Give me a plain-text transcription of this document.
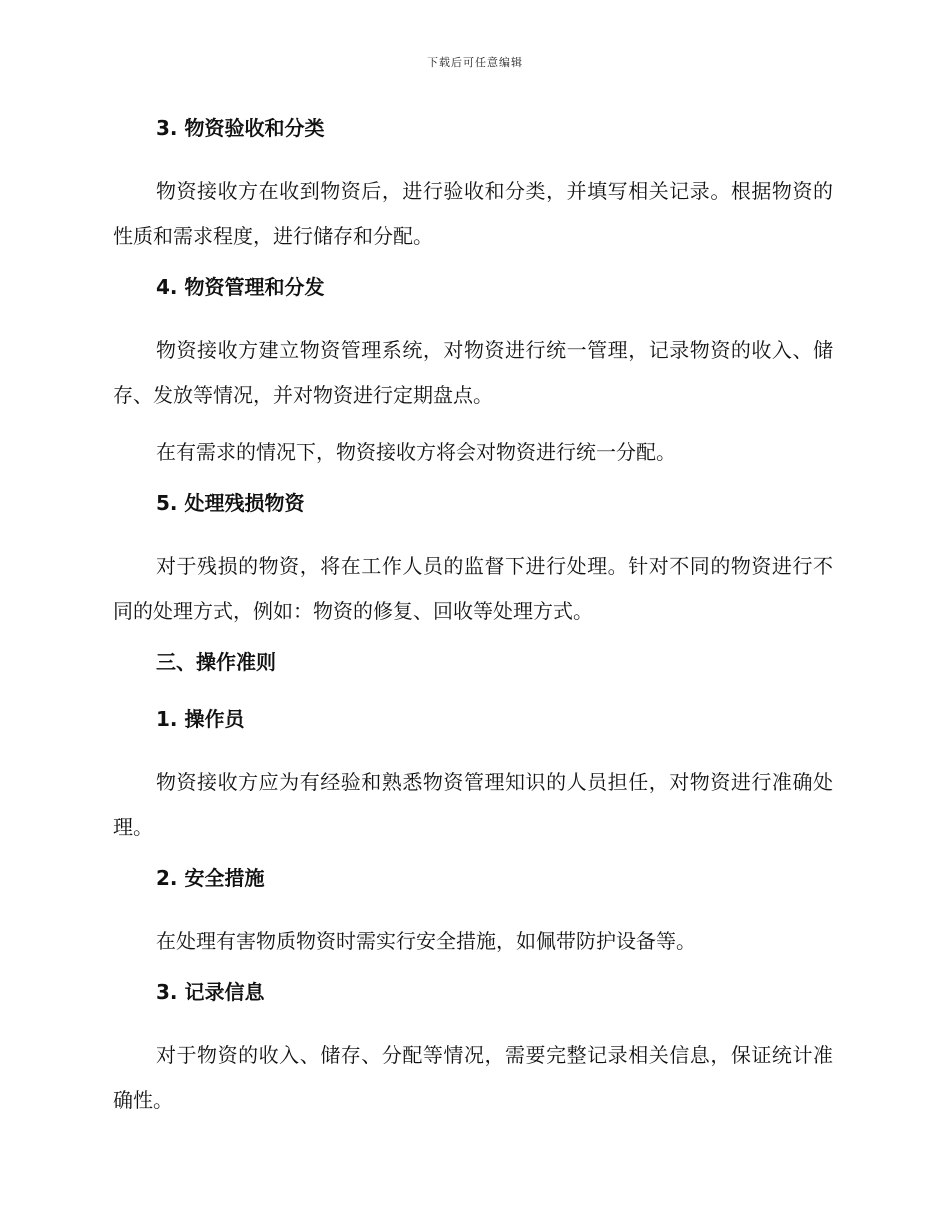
下载后可任意编辑
3. 物资验收和分类

物资接收方在收到物资后，进行验收和分类，并填写相关记录。根据物资的性质和需求程度，进行储存和分配。

4. 物资管理和分发

物资接收方建立物资管理系统，对物资进行统一管理，记录物资的收入、储存、发放等情况，并对物资进行定期盘点。

在有需求的情况下，物资接收方将会对物资进行统一分配。

5. 处理残损物资

对于残损的物资，将在工作人员的监督下进行处理。针对不同的物资进行不同的处理方式，例如：物资的修复、回收等处理方式。

三、操作准则
1. 操作员

物资接收方应为有经验和熟悉物资管理知识的人员担任，对物资进行准确处理。

2. 安全措施

在处理有害物质物资时需实行安全措施，如佩带防护设备等。

3. 记录信息

对于物资的收入、储存、分配等情况，需要完整记录相关信息，保证统计准确性。
